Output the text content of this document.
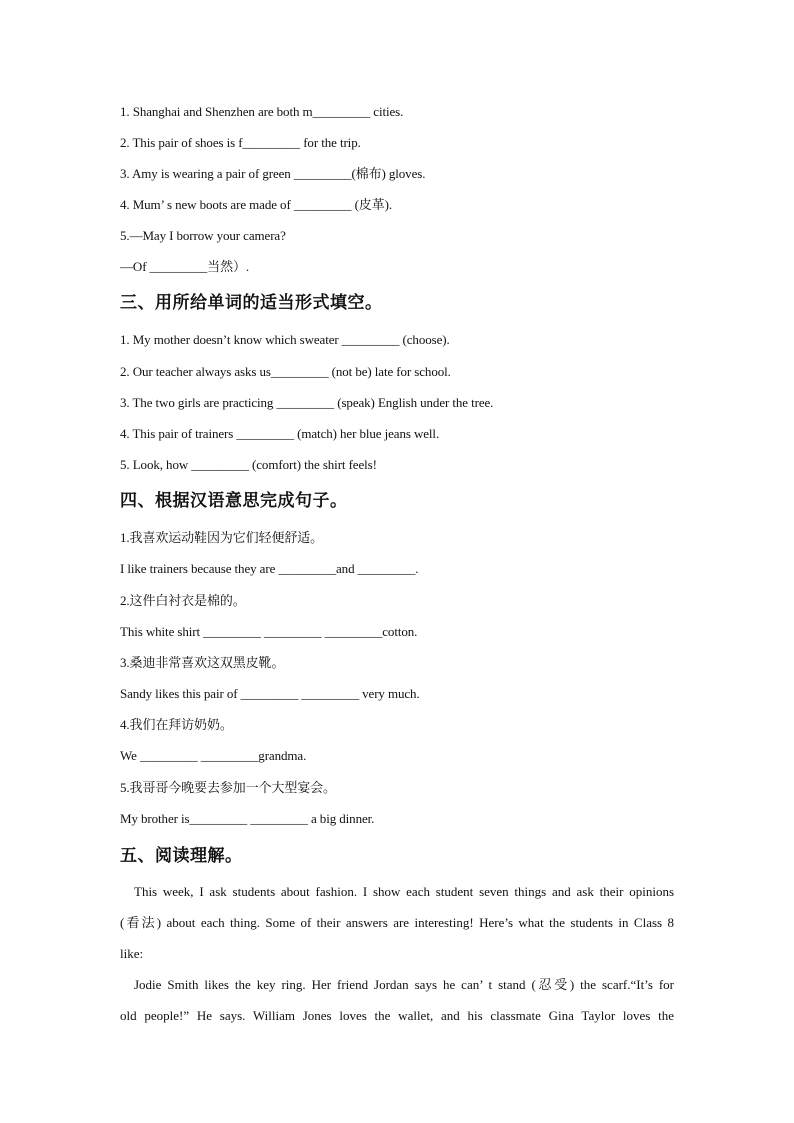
1. Shanghai and Shenzhen are both m_________ cities.
2. This pair of shoes is f_________ for the trip.
3. Amy is wearing a pair of green _________(棉布) gloves.
4. Mum’ s new boots are made of _________ (皮革).
5.—May I borrow your camera?
—Of _________当然）.
三、用所给单词的适当形式填空。
1. My mother doesn’t know which sweater _________ (choose).
2. Our teacher always asks us_________ (not be) late for school.
3. The two girls are practicing _________ (speak) English under the tree.
4. This pair of trainers _________ (match) her blue jeans well.
5. Look, how _________ (comfort) the shirt feels!
四、根据汉语意思完成句子。
1.我喜欢运动鞋因为它们轻便舒适。
I like trainers because they are _________and _________.
2.这件白衬衣是棉的。
This white shirt _________ _________ _________cotton.
3.桑迪非常喜欢这双黑皮靴。
Sandy likes this pair of _________ _________ very much.
4.我们在拜访奶奶。
We _________ _________grandma.
5.我哥哥今晚要去参加一个大型宴会。
My brother is_________ _________ a big dinner.
五、阅读理解。
This week, I ask students about fashion. I show each student seven things and ask their opinions
(看法) about each thing. Some of their answers are interesting! Here’s what the students in Class 8
like:
Jodie Smith likes the key ring. Her friend Jordan says he can’ t stand (忍受) the scarf.“It’s for
old people!” He says. William Jones loves the wallet, and his classmate Gina Taylor loves the
